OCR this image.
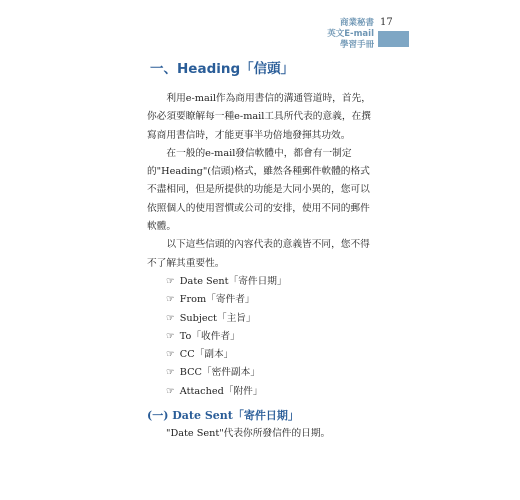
商業秘書
英文E-mail
學習手冊
17
一、Heading「信頭」

利用e-mail作為商用書信的溝通管道時，首先，你必須要瞭解每一種e-mail工具所代表的意義，在撰寫商用書信時，才能更事半功倍地發揮其功效。

在一般的e-mail發信軟體中，都會有一制定的"Heading"(信頭)格式，雖然各種郵件軟體的格式不盡相同，但是所提供的功能是大同小異的，您可以依照個人的使用習慣或公司的安排，使用不同的郵件軟體。

以下這些信頭的內容代表的意義皆不同，您不得不了解其重要性。

☞ Date Sent「寄件日期」
☞ From「寄件者」
☞ Subject「主旨」
☞ To「收件者」
☞ CC「副本」
☞ BCC「密件副本」
☞ Attached「附件」
(一) Date Sent「寄件日期」

"Date Sent"代表你所發信件的日期。
